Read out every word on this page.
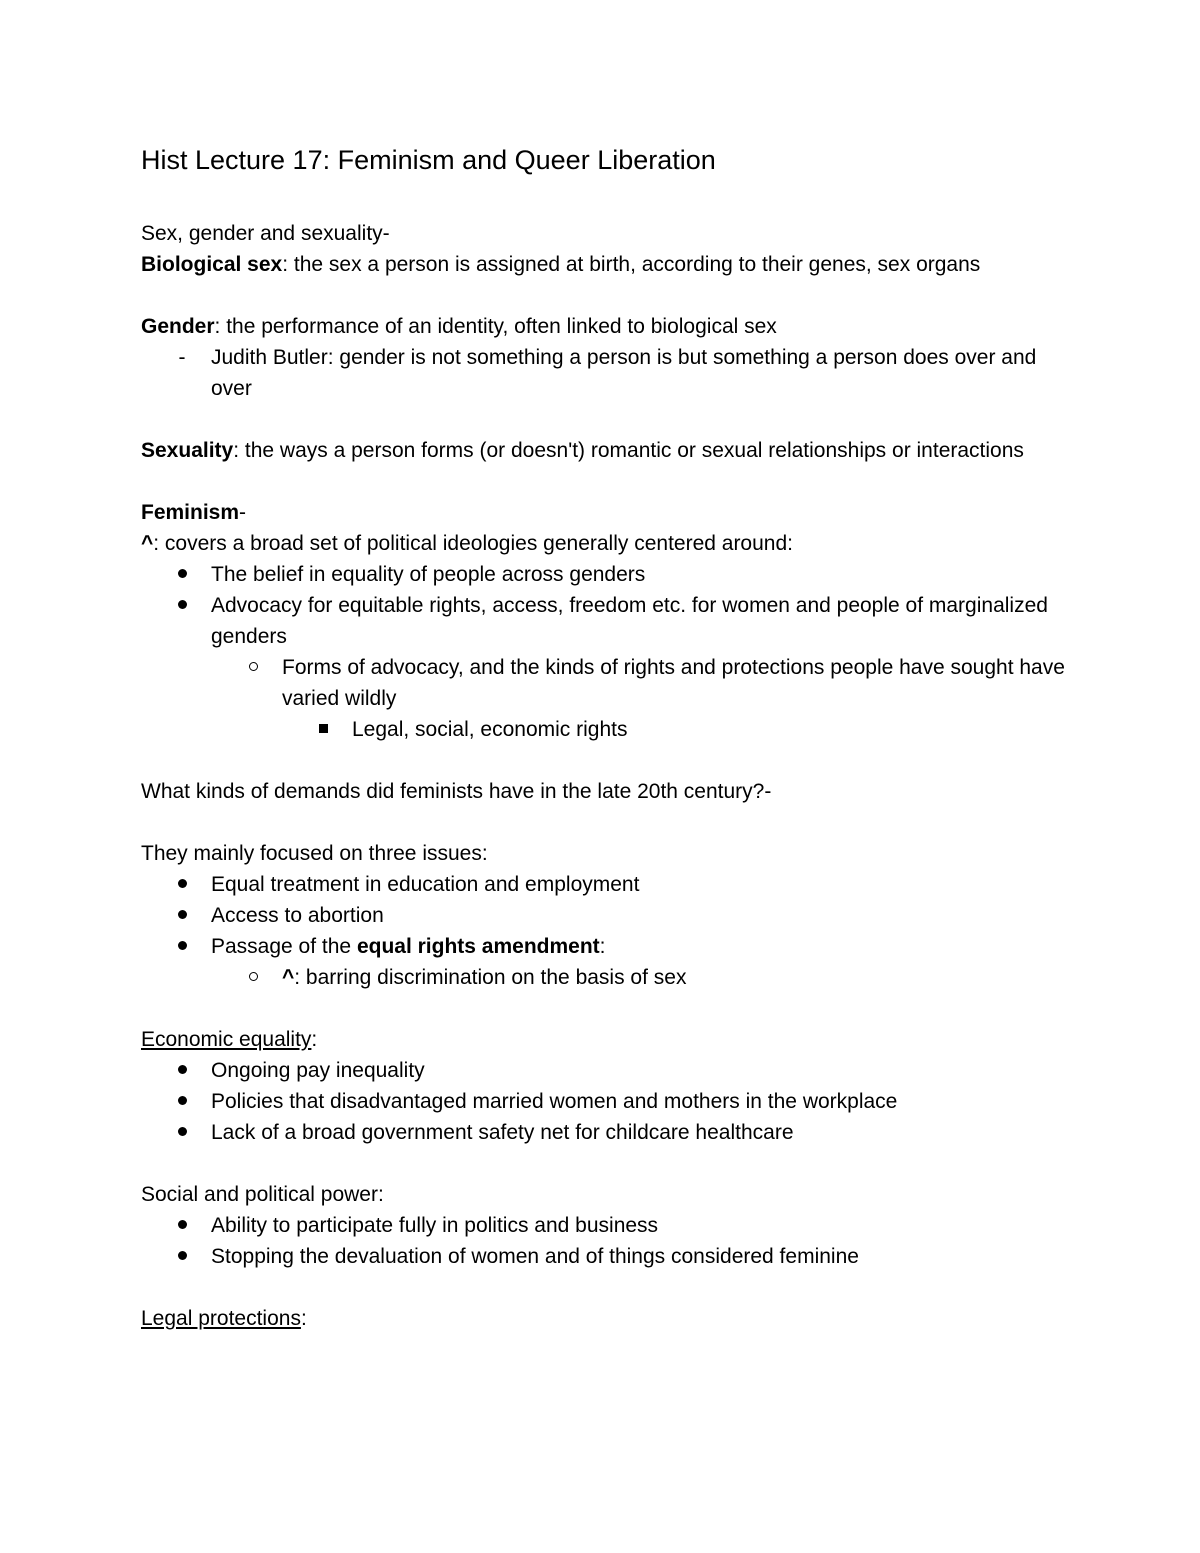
Hist Lecture 17: Feminism and Queer Liberation

Sex, gender and sexuality-

Biological sex: the sex a person is assigned at birth, according to their genes, sex organs

Gender: the performance of an identity, often linked to biological sex

-	Judith Butler: gender is not something a person is but something a person does over and over

Sexuality: the ways a person forms (or doesn't) romantic or sexual relationships or interactions

Feminism-

^: covers a broad set of political ideologies generally centered around:

The belief in equality of people across genders

Advocacy for equitable rights, access, freedom etc. for women and people of marginalized genders

Forms of advocacy, and the kinds of rights and protections people have sought have varied wildly

Legal, social, economic rights

What kinds of demands did feminists have in the late 20th century?-

They mainly focused on three issues:

Equal treatment in education and employment

Access to abortion

Passage of the equal rights amendment:

^: barring discrimination on the basis of sex

Economic equality:

Ongoing pay inequality

Policies that disadvantaged married women and mothers in the workplace

Lack of a broad government safety net for childcare healthcare

Social and political power:

Ability to participate fully in politics and business

Stopping the devaluation of women and of things considered feminine

Legal protections:
